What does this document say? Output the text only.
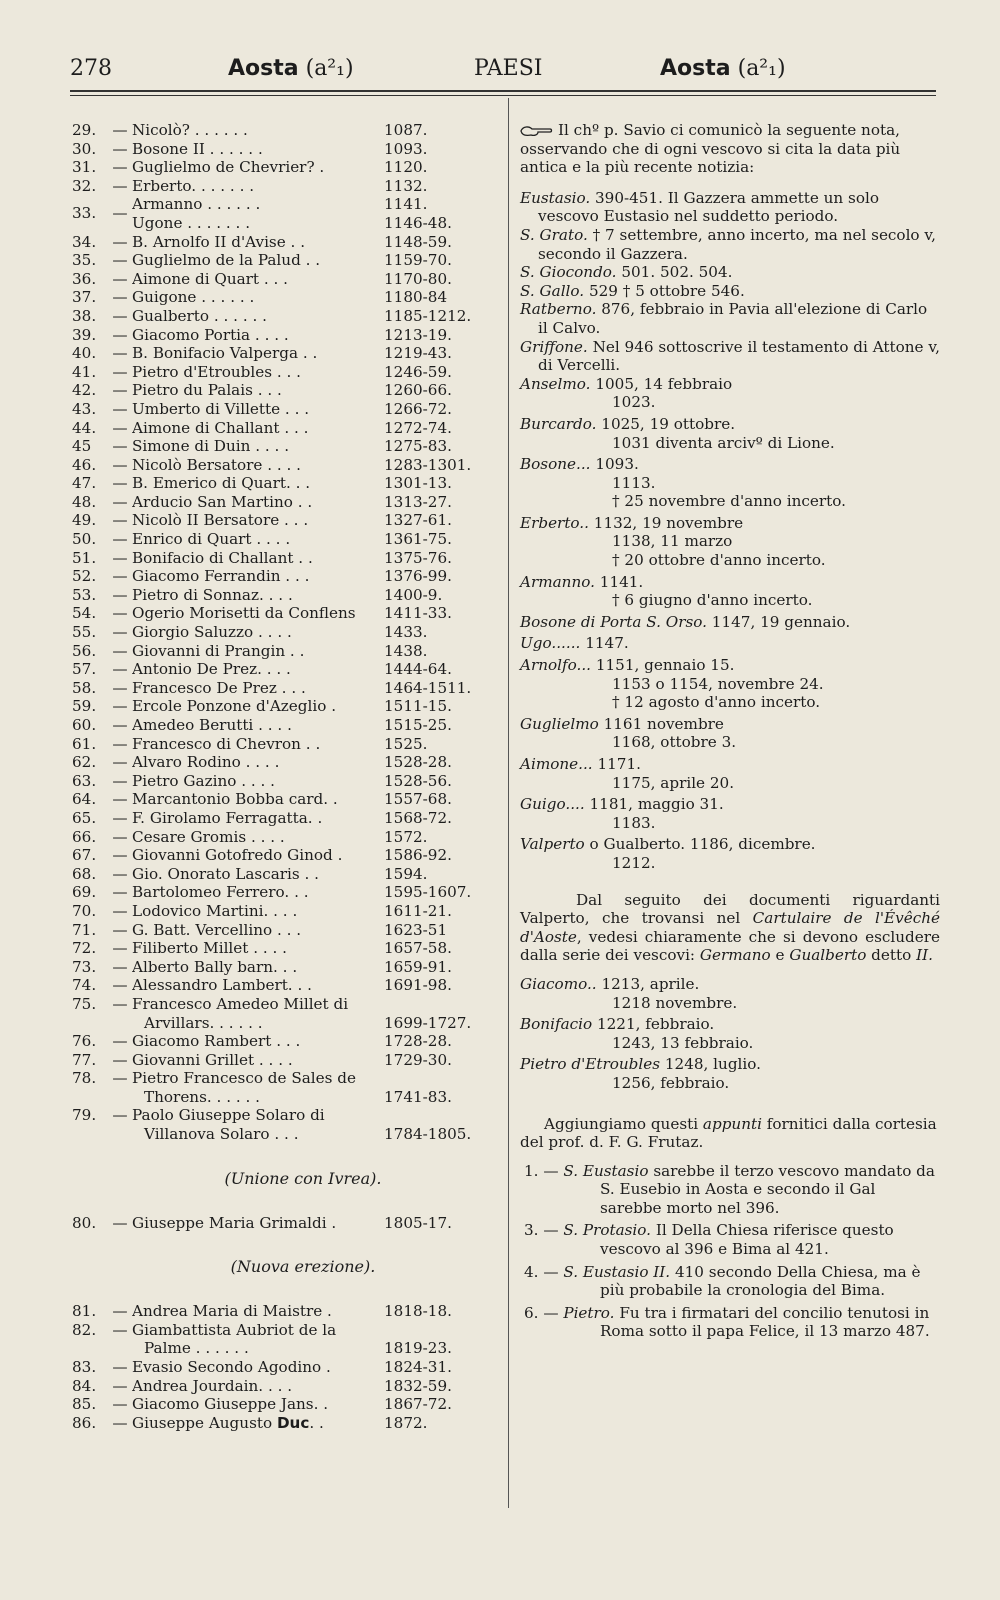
278	Aosta (a²₁)	PAESI	Aosta (a²₁)
29.	— Nicolò? . . . . . .	1087.
30.	— Bosone II . . . . . .	1093.
31.	— Guglielmo de Chevrier? .	1120.
32.	— Erberto. . . . . . .	1132.
33.	— Armanno . . . . . .	1141.
Ugone . . . . . . .	1146-48.
34.	— B. Arnolfo II d'Avise . .	1148-59.
35.	— Guglielmo de la Palud . .	1159-70.
36.	— Aimone di Quart . . .	1170-80.
37.	— Guigone . . . . . .	1180-84
38.	— Gualberto . . . . . .	1185-1212.
39.	— Giacomo Portia . . . .	1213-19.
40.	— B. Bonifacio Valperga . .	1219-43.
41.	— Pietro d'Etroubles . . .	1246-59.
42.	— Pietro du Palais . . .	1260-66.
43.	— Umberto di Villette . . .	1266-72.
44.	— Aimone di Challant . . .	1272-74.
45	— Simone di Duin . . . .	1275-83.
46.	— Nicolò Bersatore . . . .	1283-1301.
47.	— B. Emerico di Quart. . .	1301-13.
48.	— Arducio San Martino . .	1313-27.
49.	— Nicolò II Bersatore . . .	1327-61.
50.	— Enrico di Quart . . . .	1361-75.
51.	— Bonifacio di Challant . .	1375-76.
52.	— Giacomo Ferrandin . . .	1376-99.
53.	— Pietro di Sonnaz. . . .	1400-9.
54.	— Ogerio Morisetti da Conflens	1411-33.
55.	— Giorgio Saluzzo . . . .	1433.
56.	— Giovanni di Prangin . .	1438.
57.	— Antonio De Prez. . . .	1444-64.
58.	— Francesco De Prez . . .	1464-1511.
59.	— Ercole Ponzone d'Azeglio .	1511-15.
60.	— Amedeo Berutti . . . .	1515-25.
61.	— Francesco di Chevron . .	1525.
62.	— Alvaro Rodino . . . .	1528-28.
63.	— Pietro Gazino . . . .	1528-56.
64.	— Marcantonio Bobba card. .	1557-68.
65.	— F. Girolamo Ferragatta. .	1568-72.
66.	— Cesare Gromis . . . .	1572.
67.	— Giovanni Gotofredo Ginod .	1586-92.
68.	— Gio. Onorato Lascaris . .	1594.
69.	— Bartolomeo Ferrero. . .	1595-1607.
70.	— Lodovico Martini. . . .	1611-21.
71.	— G. Batt. Vercellino . . .	1623-51
72.	— Filiberto Millet . . . .	1657-58.
73.	— Alberto Bally barn. . .	1659-91.
74.	— Alessandro Lambert. . .	1691-98.
75.	— Francesco Amedeo Millet di
Arvillars. . . . . .	1699-1727.
76.	— Giacomo Rambert . . .	1728-28.
77.	— Giovanni Grillet . . . .	1729-30.
78.	— Pietro Francesco de Sales de
Thorens. . . . . .	1741-83.
79.	— Paolo Giuseppe Solaro di
Villanova Solaro . . .	1784-1805.
(Unione con Ivrea).
80.	— Giuseppe Maria Grimaldi .	1805-17.
(Nuova erezione).
81.	— Andrea Maria di Maistre .	1818-18.
82.	— Giambattista Aubriot de la
Palme . . . . . .	1819-23.
83.	— Evasio Secondo Agodino .	1824-31.
84.	— Andrea Jourdain. . . .	1832-59.
85.	— Giacomo Giuseppe Jans. .	1867-72.
86.	— Giuseppe Augusto Duc. .	1872.

Il chº p. Savio ci comunicò la seguente nota, osservando che di ogni vescovo si cita la data più antica e la più recente notizia:

Eustasio. 390-451. Il Gazzera ammette un solo vescovo Eustasio nel suddetto periodo.

S. Grato. † 7 settembre, anno incerto, ma nel secolo v, secondo il Gazzera.

S. Giocondo. 501. 502. 504.

S. Gallo. 529 † 5 ottobre 546.

Ratberno. 876, febbraio in Pavia all'elezione di Carlo il Calvo.

Griffone. Nel 946 sottoscrive il testamento di Attone v, di Vercelli.

Anselmo. 1005, 14 febbraio
1023.
Burcardo. 1025, 19 ottobre.
1031 diventa arcivº di Lione.
Bosone... 1093.
1113.
† 25 novembre d'anno incerto.
Erberto.. 1132, 19 novembre
1138, 11 marzo
† 20 ottobre d'anno incerto.
Armanno. 1141.
† 6 giugno d'anno incerto.
Bosone di Porta S. Orso. 1147, 19 gennaio.
Ugo...... 1147.
Arnolfo... 1151, gennaio 15.
1153 o 1154, novembre 24.
† 12 agosto d'anno incerto.
Guglielmo 1161 novembre
1168, ottobre 3.
Aimone... 1171.
1175, aprile 20.
Guigo.... 1181, maggio 31.
1183.
Valperto o Gualberto. 1186, dicembre.
1212.

Dal seguito dei documenti riguardanti Valperto, che trovansi nel Cartulaire de l'Évêché d'Aoste, vedesi chiaramente che si devono escludere dalla serie dei vescovi: Germano e Gualberto detto II.

Giacomo.. 1213, aprile.
1218 novembre.
Bonifacio 1221, febbraio.
1243, 13 febbraio.
Pietro d'Etroubles 1248, luglio.
1256, febbraio.

Aggiungiamo questi appunti fornitici dalla cortesia del prof. d. F. G. Frutaz.

1. — S. Eustasio sarebbe il terzo vescovo mandato da S. Eusebio in Aosta e secondo il Gal sarebbe morto nel 396.

3. — S. Protasio. Il Della Chiesa riferisce questo vescovo al 396 e Bima al 421.

4. — S. Eustasio II. 410 secondo Della Chiesa, ma è più probabile la cronologia del Bima.

6. — Pietro. Fu tra i firmatari del concilio tenutosi in Roma sotto il papa Felice, il 13 marzo 487.
